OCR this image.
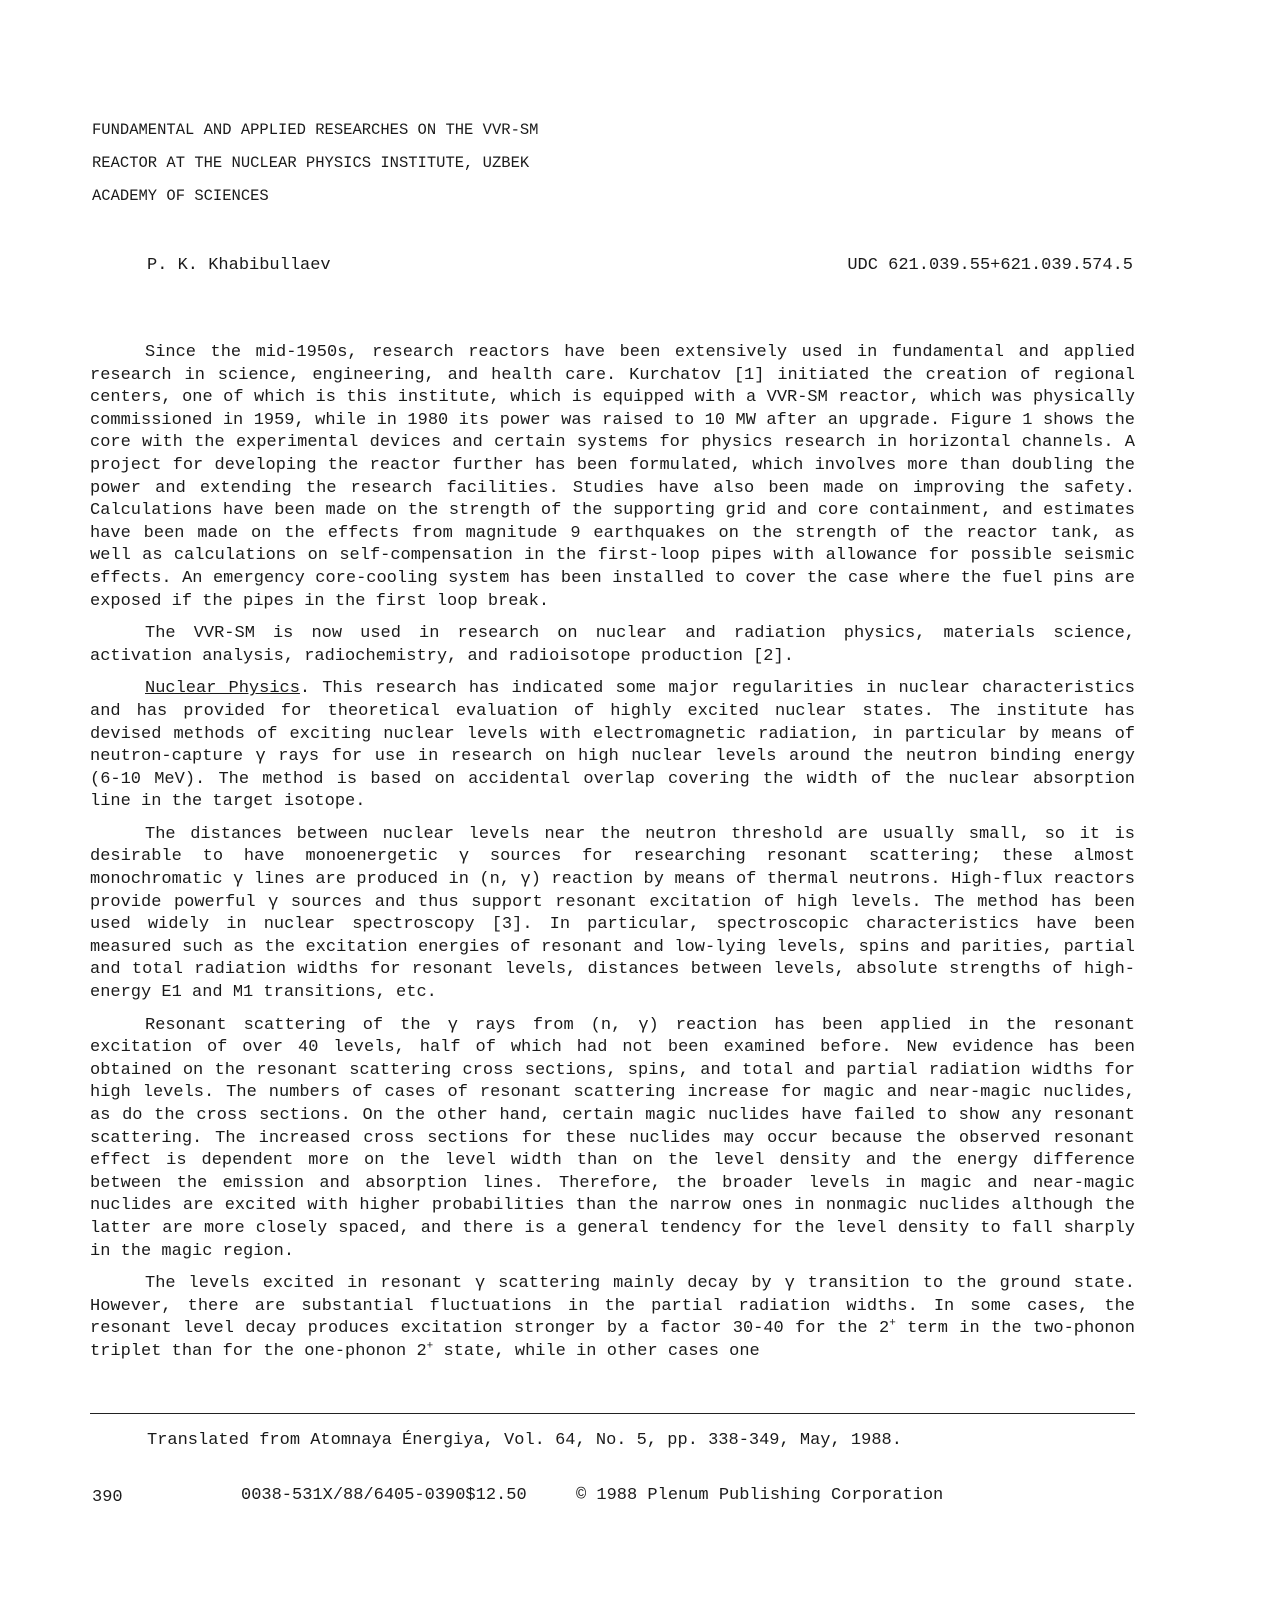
FUNDAMENTAL AND APPLIED RESEARCHES ON THE VVR-SM
REACTOR AT THE NUCLEAR PHYSICS INSTITUTE, UZBEK
ACADEMY OF SCIENCES
P. K. Khabibullaev	UDC 621.039.55+621.039.574.5

Since the mid-1950s, research reactors have been extensively used in fundamental and applied research in science, engineering, and health care. Kurchatov [1] initiated the creation of regional centers, one of which is this institute, which is equipped with a VVR-SM reactor, which was physically commissioned in 1959, while in 1980 its power was raised to 10 MW after an upgrade. Figure 1 shows the core with the experimental devices and certain systems for physics research in horizontal channels. A project for developing the reactor further has been formulated, which involves more than doubling the power and extending the research facilities. Studies have also been made on improving the safety. Calculations have been made on the strength of the supporting grid and core containment, and estimates have been made on the effects from magnitude 9 earthquakes on the strength of the reactor tank, as well as calculations on self-compensation in the first-loop pipes with allowance for possible seismic effects. An emergency core-cooling system has been installed to cover the case where the fuel pins are exposed if the pipes in the first loop break.

The VVR-SM is now used in research on nuclear and radiation physics, materials science, activation analysis, radiochemistry, and radioisotope production [2].

Nuclear Physics. This research has indicated some major regularities in nuclear characteristics and has provided for theoretical evaluation of highly excited nuclear states. The institute has devised methods of exciting nuclear levels with electromagnetic radiation, in particular by means of neutron-capture γ rays for use in research on high nuclear levels around the neutron binding energy (6-10 MeV). The method is based on accidental overlap covering the width of the nuclear absorption line in the target isotope.

The distances between nuclear levels near the neutron threshold are usually small, so it is desirable to have monoenergetic γ sources for researching resonant scattering; these almost monochromatic γ lines are produced in (n, γ) reaction by means of thermal neutrons. High-flux reactors provide powerful γ sources and thus support resonant excitation of high levels. The method has been used widely in nuclear spectroscopy [3]. In particular, spectroscopic characteristics have been measured such as the excitation energies of resonant and low-lying levels, spins and parities, partial and total radiation widths for resonant levels, distances between levels, absolute strengths of high-energy E1 and M1 transitions, etc.

Resonant scattering of the γ rays from (n, γ) reaction has been applied in the resonant excitation of over 40 levels, half of which had not been examined before. New evidence has been obtained on the resonant scattering cross sections, spins, and total and partial radiation widths for high levels. The numbers of cases of resonant scattering increase for magic and near-magic nuclides, as do the cross sections. On the other hand, certain magic nuclides have failed to show any resonant scattering. The increased cross sections for these nuclides may occur because the observed resonant effect is dependent more on the level width than on the level density and the energy difference between the emission and absorption lines. Therefore, the broader levels in magic and near-magic nuclides are excited with higher probabilities than the narrow ones in nonmagic nuclides although the latter are more closely spaced, and there is a general tendency for the level density to fall sharply in the magic region.

The levels excited in resonant γ scattering mainly decay by γ transition to the ground state. However, there are substantial fluctuations in the partial radiation widths. In some cases, the resonant level decay produces excitation stronger by a factor 30-40 for the 2+ term in the two-phonon triplet than for the one-phonon 2+ state, while in other cases one

Translated from Atomnaya Énergiya, Vol. 64, No. 5, pp. 338-349, May, 1988.
390	0038-531X/88/6405-0390$12.50	© 1988 Plenum Publishing Corporation
